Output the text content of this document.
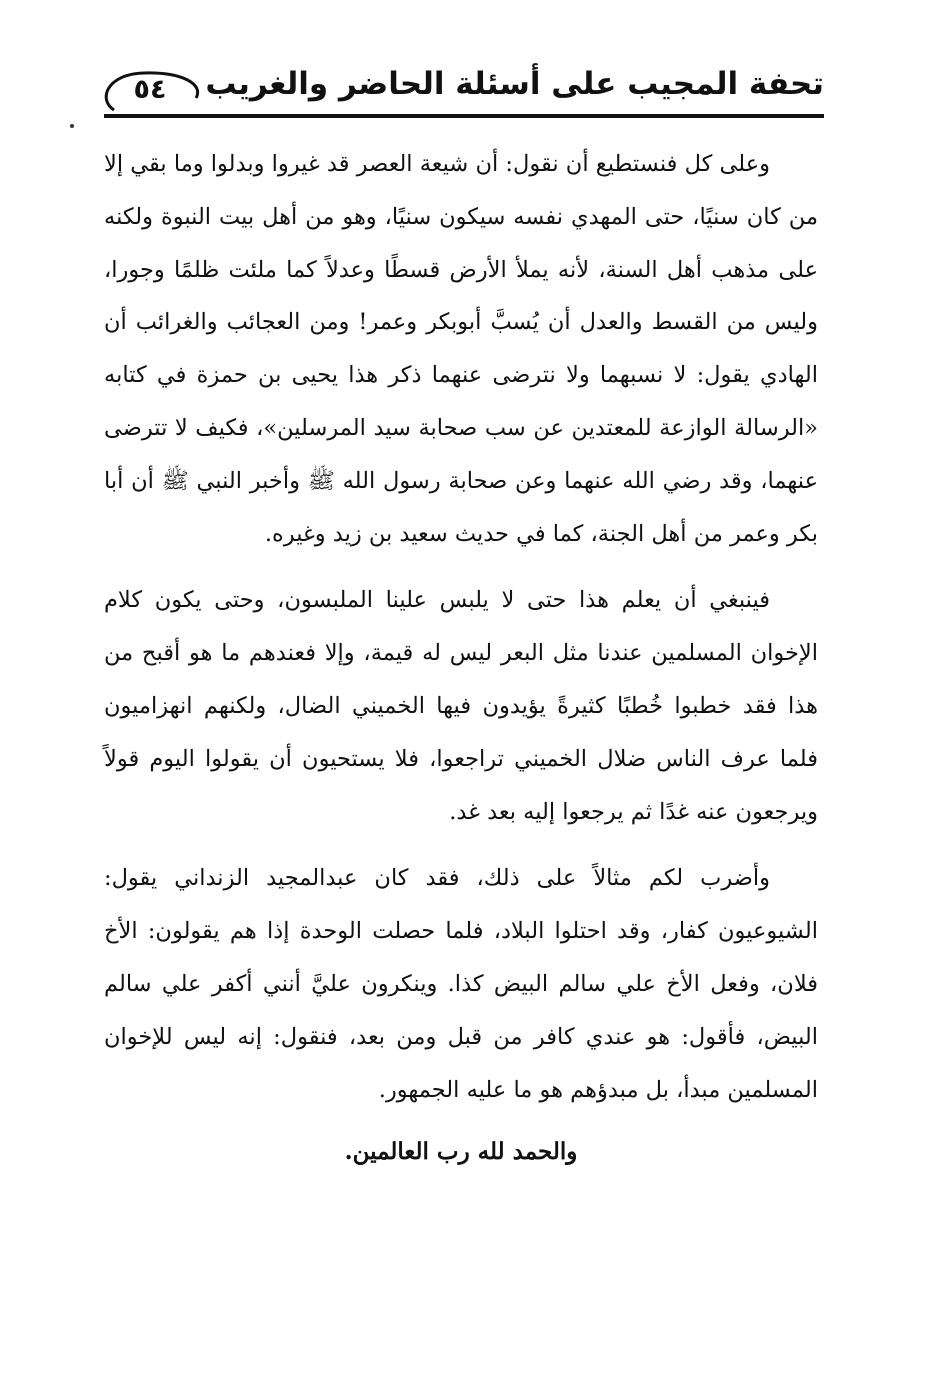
تحفة المجيب على أسئلة الحاضر والغريب
٥٤

وعلى كل فنستطيع أن نقول: أن شيعة العصر قد غيروا وبدلوا وما بقي إلا من كان سنيًا، حتى المهدي نفسه سيكون سنيًا، وهو من أهل بيت النبوة ولكنه على مذهب أهل السنة، لأنه يملأ الأرض قسطًا وعدلاً كما ملئت ظلمًا وجورا، وليس من القسط والعدل أن يُسبَّ أبوبكر وعمر! ومن العجائب والغرائب أن الهادي يقول: لا نسبهما ولا نترضى عنهما ذكر هذا يحيى بن حمزة في كتابه «الرسالة الوازعة للمعتدين عن سب صحابة سيد المرسلين»، فكيف لا تترضى عنهما، وقد رضي الله عنهما وعن صحابة رسول الله ﷺ وأخبر النبي ﷺ أن أبا بكر وعمر من أهل الجنة، كما في حديث سعيد بن زيد وغيره.

فينبغي أن يعلم هذا حتى لا يلبس علينا الملبسون، وحتى يكون كلام الإخوان المسلمين عندنا مثل البعر ليس له قيمة، وإلا فعندهم ما هو أقبح من هذا فقد خطبوا خُطبًا كثيرةً يؤيدون فيها الخميني الضال، ولكنهم انهزاميون فلما عرف الناس ضلال الخميني تراجعوا، فلا يستحيون أن يقولوا اليوم قولاً ويرجعون عنه غدًا ثم يرجعوا إليه بعد غد.

وأضرب لكم مثالاً على ذلك، فقد كان عبدالمجيد الزنداني يقول: الشيوعيون كفار، وقد احتلوا البلاد، فلما حصلت الوحدة إذا هم يقولون: الأخ فلان، وفعل الأخ علي سالم البيض كذا. وينكرون عليَّ أنني أكفر علي سالم البيض، فأقول: هو عندي كافر من قبل ومن بعد، فنقول: إنه ليس للإخوان المسلمين مبدأ، بل مبدؤهم هو ما عليه الجمهور.

والحمد لله رب العالمين.
